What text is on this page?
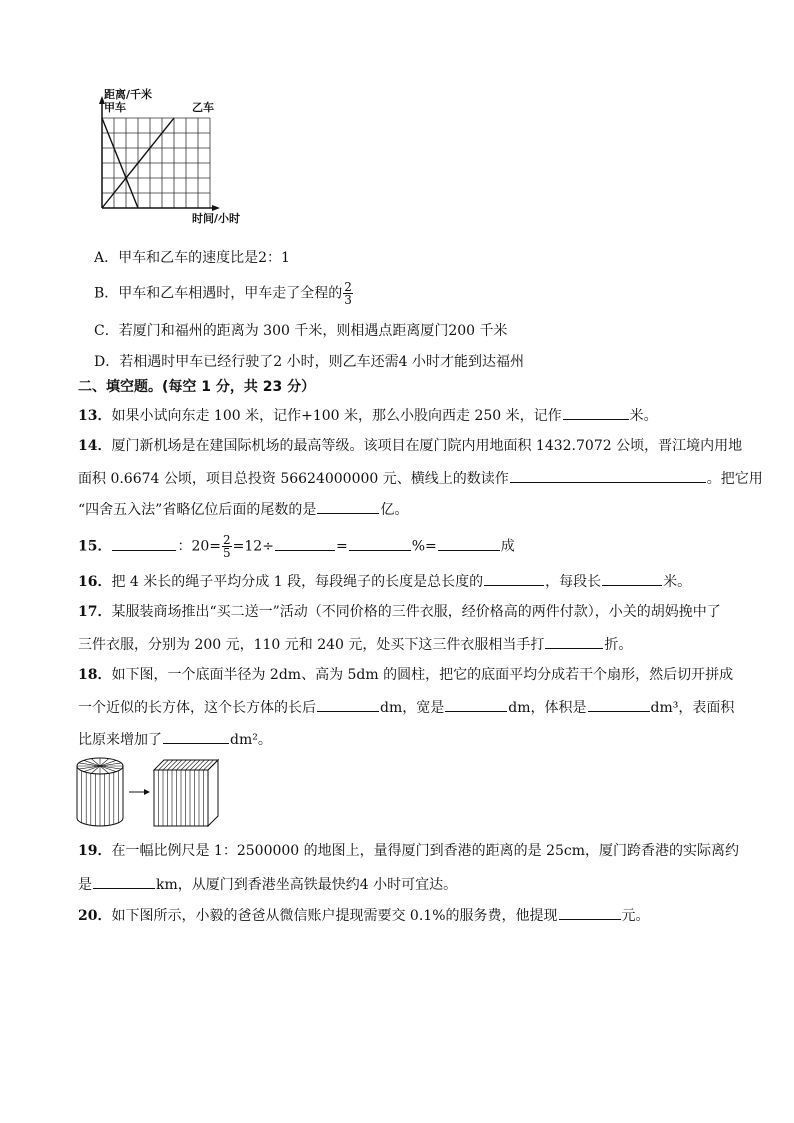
距离/千米
甲车	乙车
时间/小时
A．甲车和乙车的速度比是2：1
B．甲车和乙车相遇时，甲车走了全程的 $\frac{2}{3}$
C．若厦门和福州的距离为 300 千米，则相遇点距离厦门200 千米
D．若相遇时甲车已经行驶了2 小时，则乙车还需4 小时才能到达福州
二、填空题。(每空 1 分，共 23 分）
13．如果小试向东走 100 米，记作+100 米，那么小股向西走 250 米，记作	米。
14．厦门新机场是在建国际机场的最高等级。该项目在厦门院内用地面积 1432.7072 公顷，晋江境内用地
面积 0.6674 公顷，项目总投资 56624000000 元、横线上的数读作	。把它用
“四舍五入法”省略亿位后面的尾数的是	亿。
15．	：$20= \frac{2}{5} =12\div$	=	%=	成
16．把 4 米长的绳子平均分成 1 段，每段绳子的长度是总长度的	，每段长	米。
17．某服装商场推出“买二送一”活动（不同价格的三件衣服，经价格高的两件付款），小关的胡妈挽中了
三件衣服，分别为 200 元，110 元和 240 元，处买下这三件衣服相当手打	折。
18．如下图，一个底面半径为 2dm、高为 5dm 的圆柱，把它的底面平均分成若干个扇形，然后切开拼成
一个近似的长方体，这个长方体的长后	dm，宽是	dm，体积是	dm³，表面积
比原来增加了	dm²。
19．在一幅比例尺是 1：2500000 的地图上，量得厦门到香港的距离的是 25cm，厦门跨香港的实际离约
是	km，从厦门到香港坐高铁最快约4 小时可宜达。
20．如下图所示，小毅的爸爸从微信账户提现需要交 0.1%的服务费，他提现	元。
